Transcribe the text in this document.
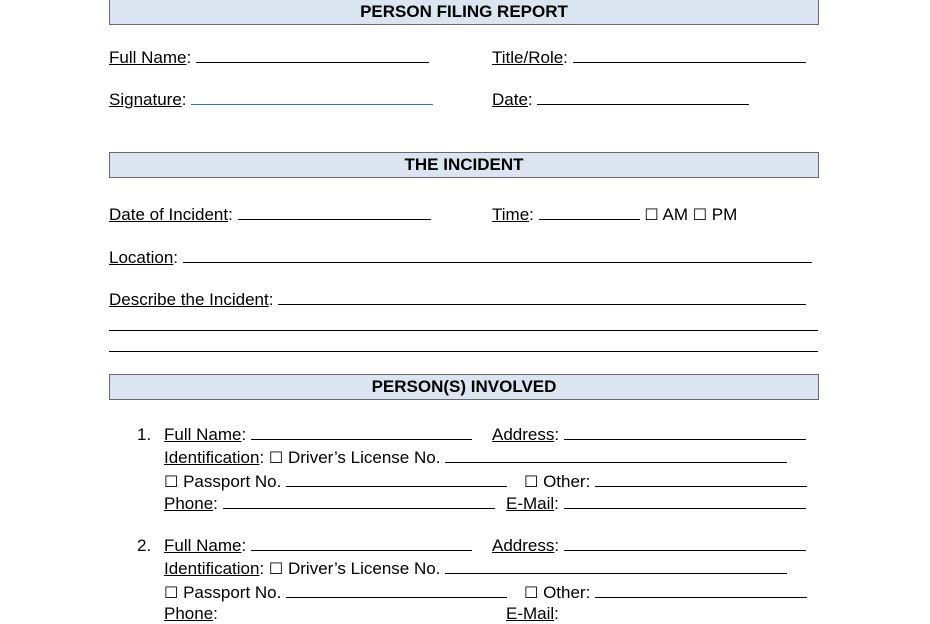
PERSON FILING REPORT
Full Name:	Title/Role:
Signature:	Date:
THE INCIDENT
Date of Incident:	Time:	☐ AM ☐ PM
Location:
Describe the Incident:
PERSON(S) INVOLVED
1. Full Name:	Address:
Identification: ☐ Driver’s License No.
☐ Passport No.	☐ Other:
Phone:	E-Mail:
2. Full Name:	Address:
Identification: ☐ Driver’s License No.
☐ Passport No.	☐ Other:
Phone:	E-Mail:
